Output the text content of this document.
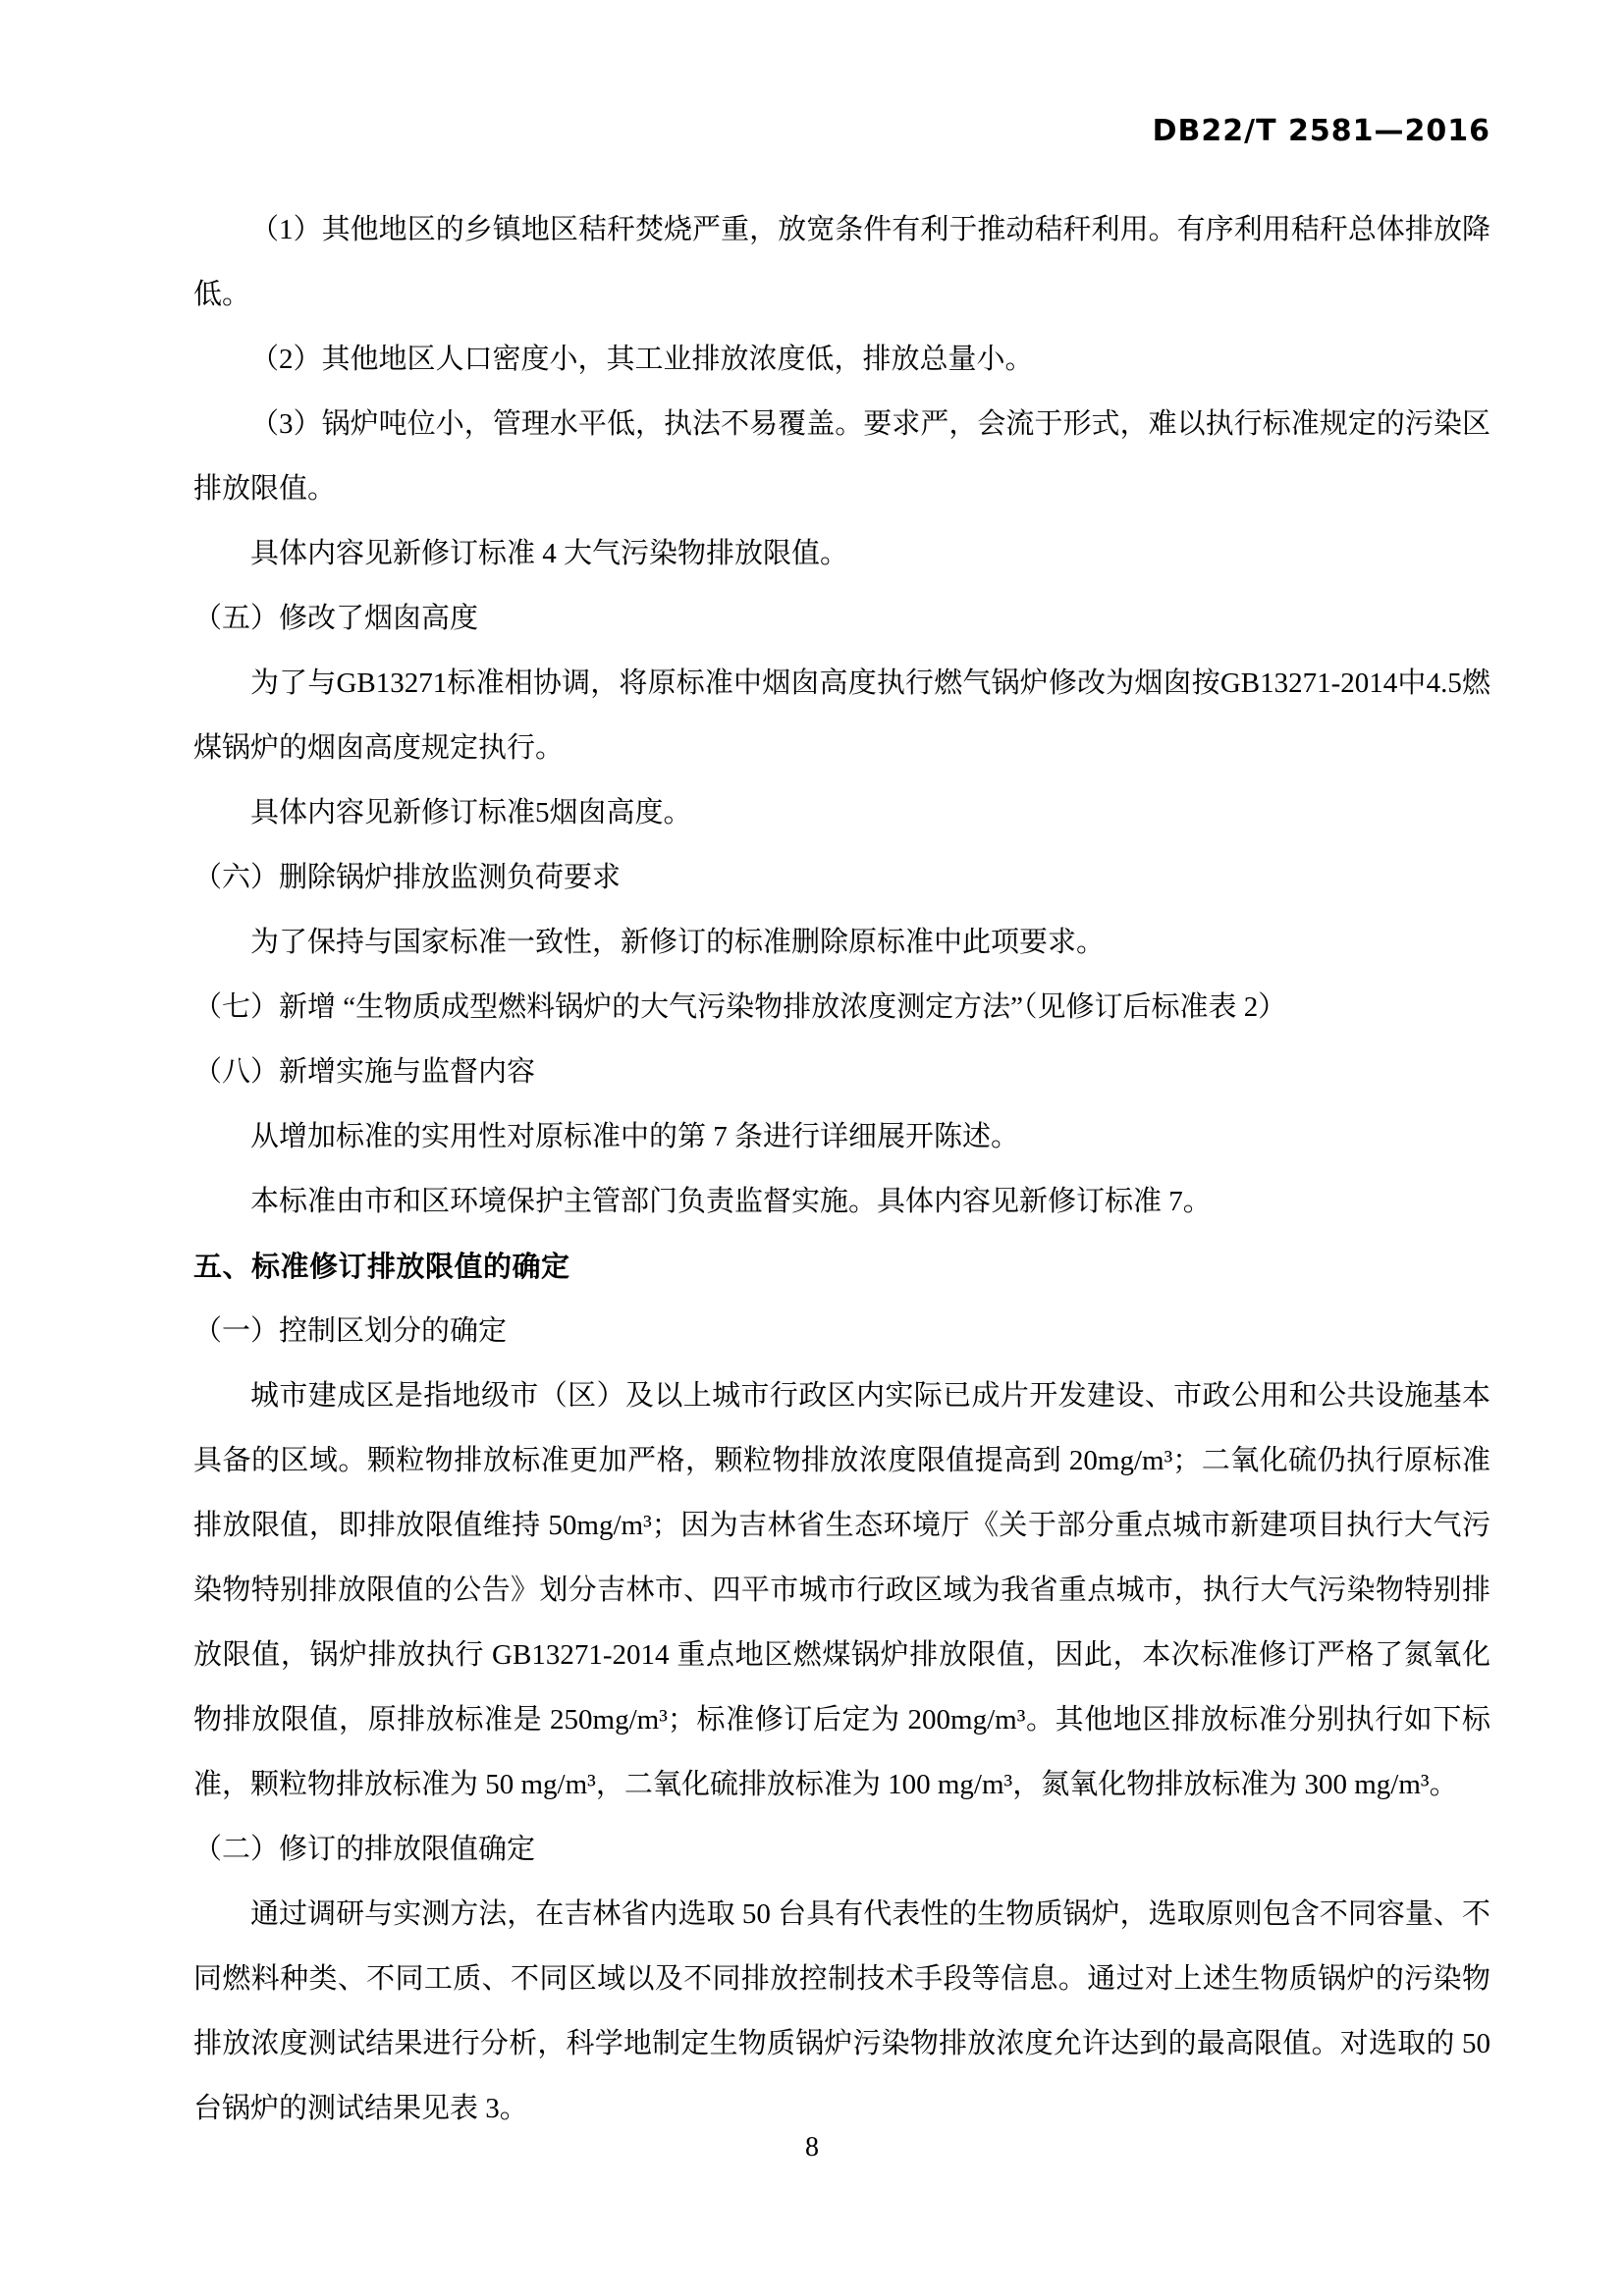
DB22/T 2581—2016

（1）其他地区的乡镇地区秸秆焚烧严重，放宽条件有利于推动秸秆利用。有序利用秸秆总体排放降低。

（2）其他地区人口密度小，其工业排放浓度低，排放总量小。

（3）锅炉吨位小，管理水平低，执法不易覆盖。要求严，会流于形式，难以执行标准规定的污染区排放限值。

具体内容见新修订标准 4 大气污染物排放限值。

（五）修改了烟囱高度

为了与GB13271标准相协调，将原标准中烟囱高度执行燃气锅炉修改为烟囱按GB13271-2014中4.5燃煤锅炉的烟囱高度规定执行。

具体内容见新修订标准5烟囱高度。

（六）删除锅炉排放监测负荷要求

为了保持与国家标准一致性，新修订的标准删除原标准中此项要求。

（七）新增 “生物质成型燃料锅炉的大气污染物排放浓度测定方法”（见修订后标准表 2）

（八）新增实施与监督内容

从增加标准的实用性对原标准中的第 7 条进行详细展开陈述。

本标准由市和区环境保护主管部门负责监督实施。具体内容见新修订标准 7。

五、标准修订排放限值的确定

（一）控制区划分的确定

城市建成区是指地级市（区）及以上城市行政区内实际已成片开发建设、市政公用和公共设施基本具备的区域。颗粒物排放标准更加严格，颗粒物排放浓度限值提高到 20mg/m³；二氧化硫仍执行原标准排放限值，即排放限值维持 50mg/m³；因为吉林省生态环境厅《关于部分重点城市新建项目执行大气污染物特别排放限值的公告》划分吉林市、四平市城市行政区域为我省重点城市，执行大气污染物特别排放限值，锅炉排放执行 GB13271-2014 重点地区燃煤锅炉排放限值，因此，本次标准修订严格了氮氧化物排放限值，原排放标准是 250mg/m³；标准修订后定为 200mg/m³。其他地区排放标准分别执行如下标准，颗粒物排放标准为 50 mg/m³，二氧化硫排放标准为 100 mg/m³，氮氧化物排放标准为 300 mg/m³。

（二）修订的排放限值确定

通过调研与实测方法，在吉林省内选取 50 台具有代表性的生物质锅炉，选取原则包含不同容量、不同燃料种类、不同工质、不同区域以及不同排放控制技术手段等信息。通过对上述生物质锅炉的污染物排放浓度测试结果进行分析，科学地制定生物质锅炉污染物排放浓度允许达到的最高限值。对选取的 50 台锅炉的测试结果见表 3。

8
